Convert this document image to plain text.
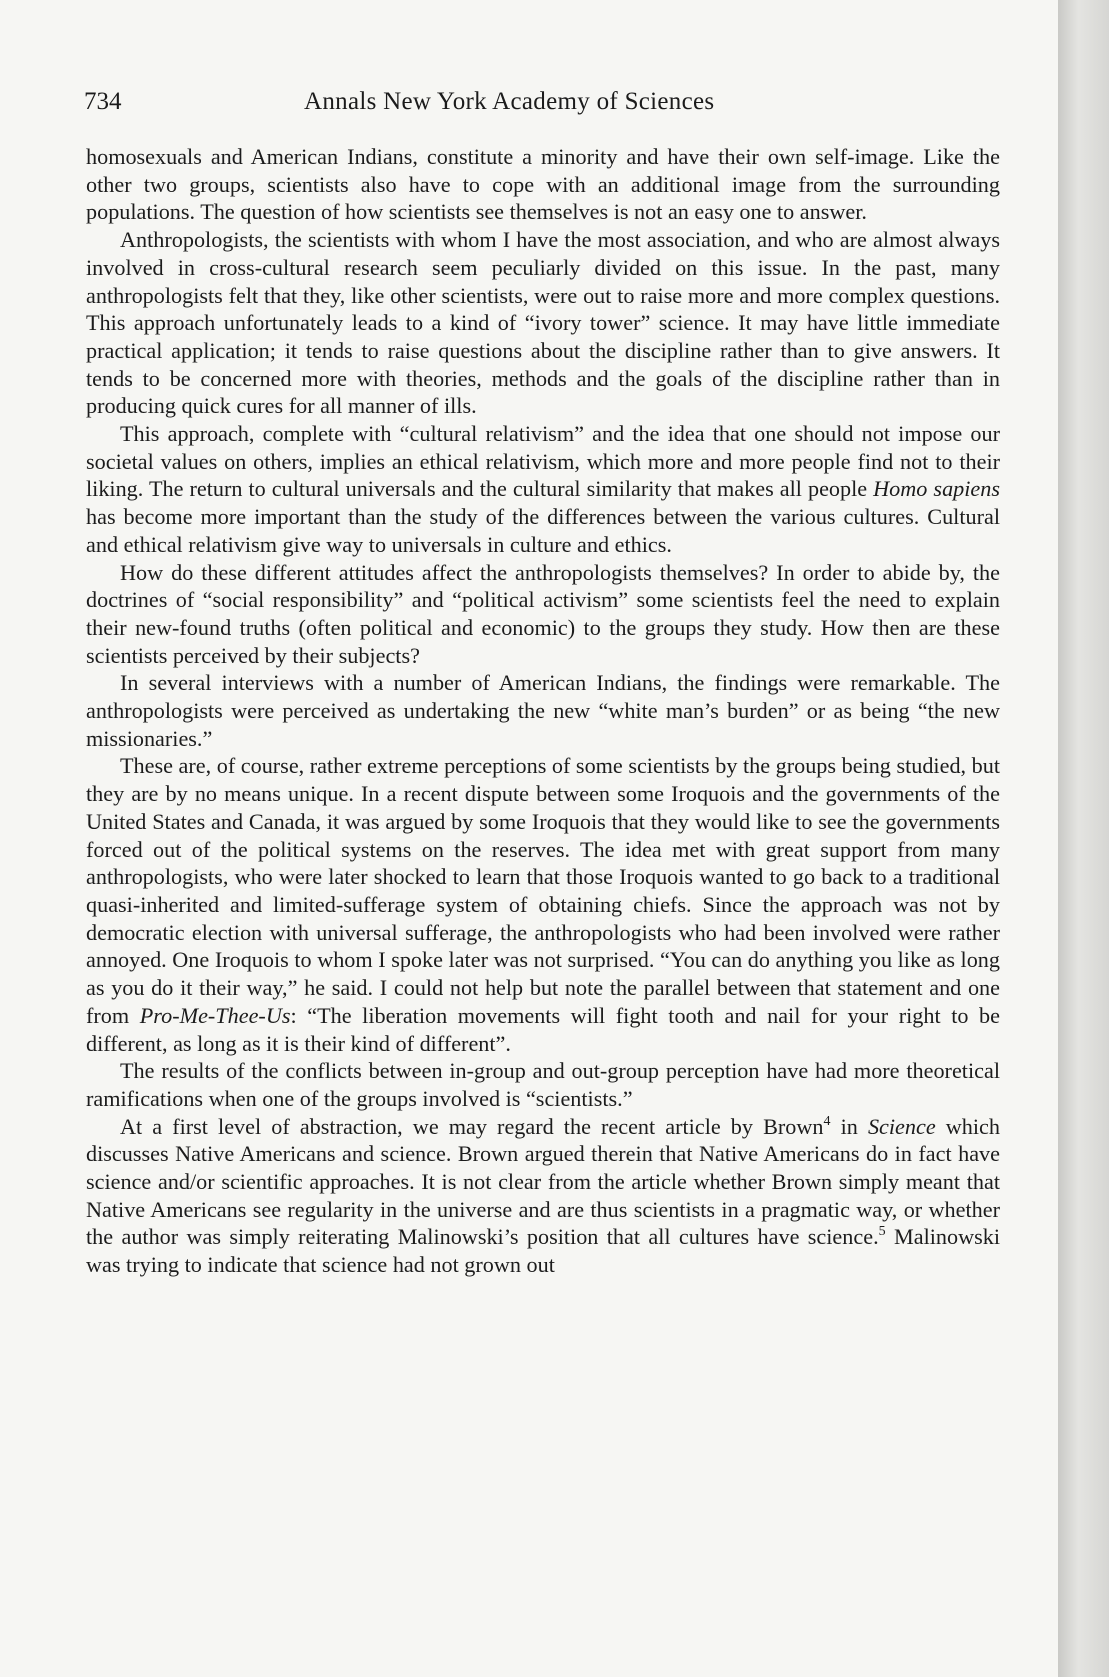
734	Annals New York Academy of Sciences

homosexuals and American Indians, constitute a minority and have their own self-image. Like the other two groups, scientists also have to cope with an additional image from the surrounding populations. The question of how scientists see themselves is not an easy one to answer.

Anthropologists, the scientists with whom I have the most association, and who are almost always involved in cross-cultural research seem peculiarly divided on this issue. In the past, many anthropologists felt that they, like other scientists, were out to raise more and more complex questions. This approach unfortunately leads to a kind of “ivory tower” science. It may have little immediate practical application; it tends to raise questions about the discipline rather than to give answers. It tends to be concerned more with theories, methods and the goals of the discipline rather than in producing quick cures for all manner of ills.

This approach, complete with “cultural relativism” and the idea that one should not impose our societal values on others, implies an ethical relativism, which more and more people find not to their liking. The return to cultural universals and the cultural similarity that makes all people Homo sapiens has become more important than the study of the differences between the various cultures. Cultural and ethical relativism give way to universals in culture and ethics.

How do these different attitudes affect the anthropologists themselves? In order to abide by, the doctrines of “social responsibility” and “political activism” some scientists feel the need to explain their new-found truths (often political and economic) to the groups they study. How then are these scientists perceived by their subjects?

In several interviews with a number of American Indians, the findings were remarkable. The anthropologists were perceived as undertaking the new “white man’s burden” or as being “the new missionaries.”

These are, of course, rather extreme perceptions of some scientists by the groups being studied, but they are by no means unique. In a recent dispute between some Iroquois and the governments of the United States and Canada, it was argued by some Iroquois that they would like to see the governments forced out of the political systems on the reserves. The idea met with great support from many anthropologists, who were later shocked to learn that those Iroquois wanted to go back to a traditional quasi-inherited and limited-sufferage system of obtaining chiefs. Since the approach was not by democratic election with universal sufferage, the anthropologists who had been involved were rather annoyed. One Iroquois to whom I spoke later was not surprised. “You can do anything you like as long as you do it their way,” he said. I could not help but note the parallel between that statement and one from Pro-Me-Thee-Us: “The liberation movements will fight tooth and nail for your right to be different, as long as it is their kind of different”.

The results of the conflicts between in-group and out-group perception have had more theoretical ramifications when one of the groups involved is “scientists.”

At a first level of abstraction, we may regard the recent article by Brown$^4$ in Science which discusses Native Americans and science. Brown argued therein that Native Americans do in fact have science and/or scientific approaches. It is not clear from the article whether Brown simply meant that Native Americans see regularity in the universe and are thus scientists in a pragmatic way, or whether the author was simply reiterating Malinowski’s position that all cultures have science.$^5$ Malinowski was trying to indicate that science had not grown out
